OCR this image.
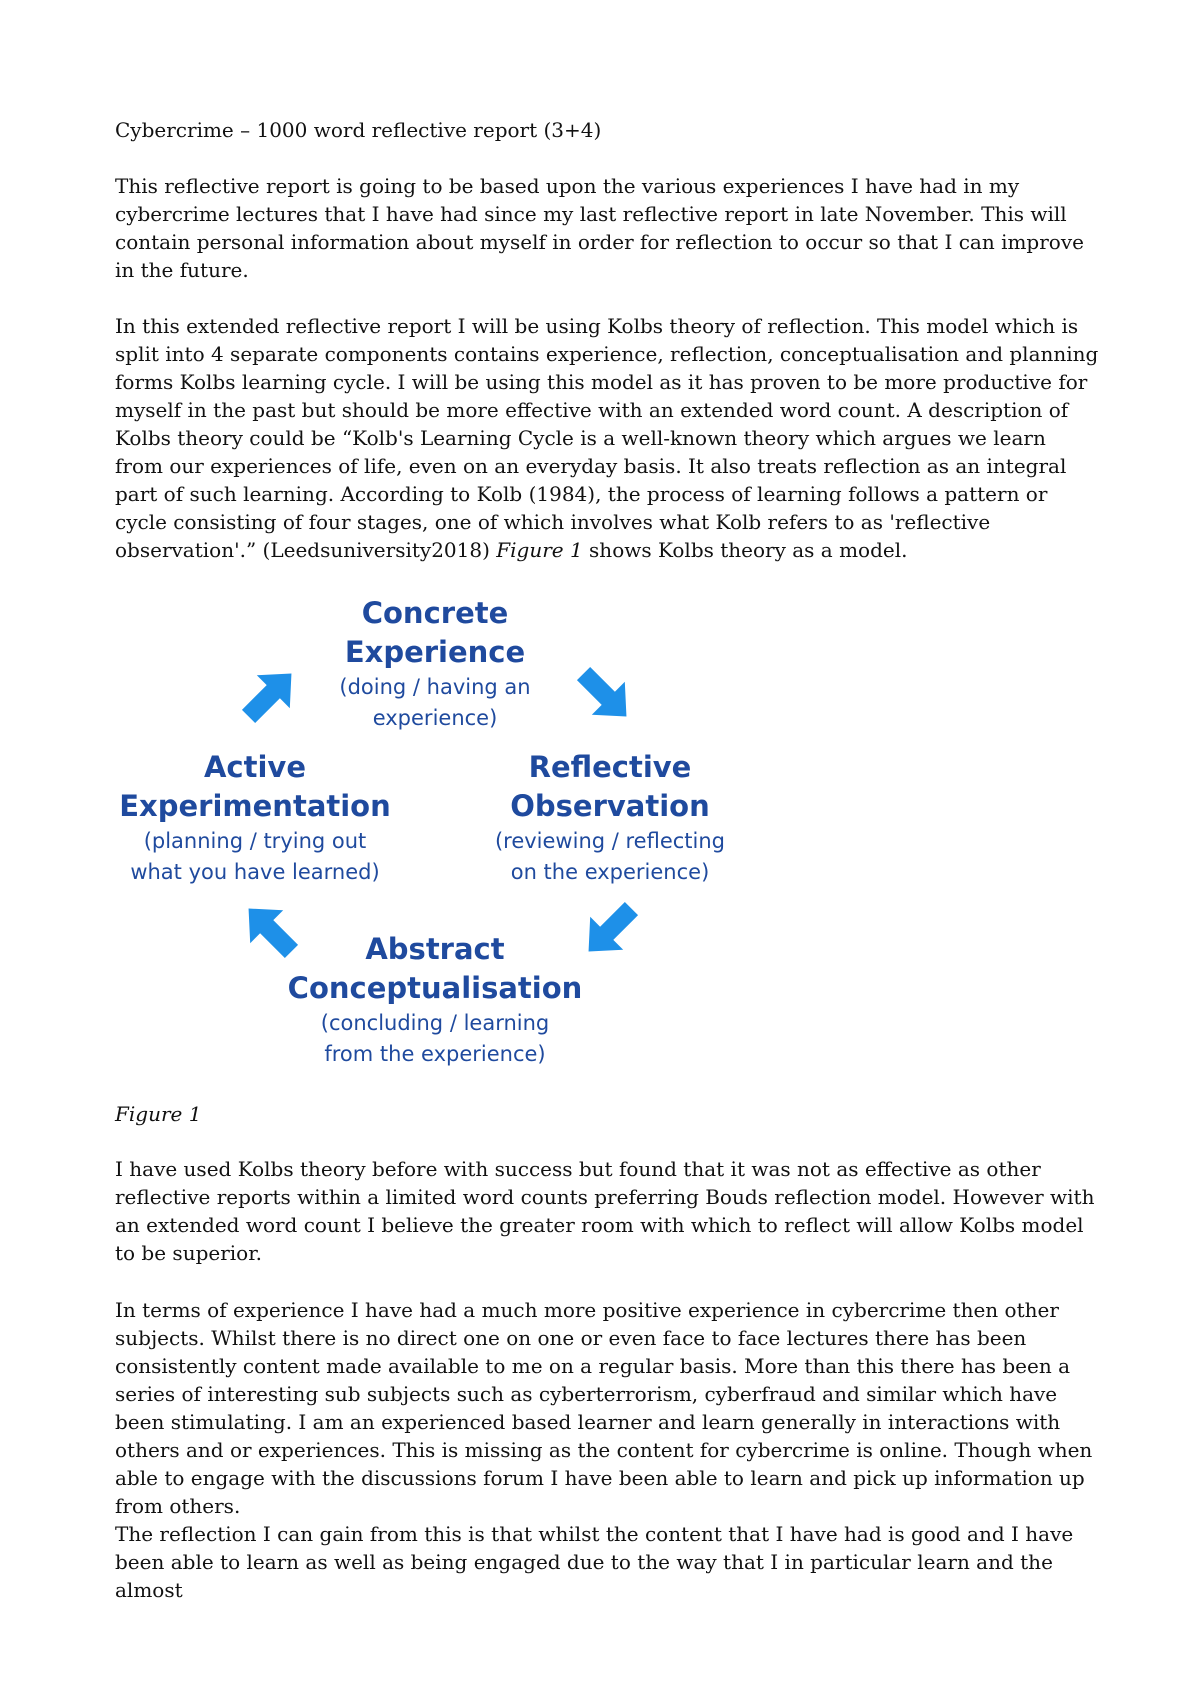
Cybercrime – 1000 word reflective report (3+4)

This reflective report is going to be based upon the various experiences I have had in my cybercrime lectures that I have had since my last reflective report in late November. This will contain personal information about myself in order for reflection to occur so that I can improve in the future.

In this extended reflective report I will be using Kolbs theory of reflection. This model which is split into 4 separate components contains experience, reflection, conceptualisation and planning forms Kolbs learning cycle. I will be using this model as it has proven to be more productive for myself in the past but should be more effective with an extended word count. A description of Kolbs theory could be “Kolb's Learning Cycle is a well-known theory which argues we learn from our experiences of life, even on an everyday basis. It also treats reflection as an integral part of such learning. According to Kolb (1984), the process of learning follows a pattern or cycle consisting of four stages, one of which involves what Kolb refers to as 'reflective observation'.” (Leedsuniversity2018) Figure 1 shows Kolbs theory as a model.

Concrete
Experience
(doing / having an
experience)
Reflective
Observation
(reviewing / reflecting
on the experience)
Abstract
Conceptualisation
(concluding / learning
from the experience)
Active
Experimentation
(planning / trying out
what you have learned)

Figure 1

I have used Kolbs theory before with success but found that it was not as effective as other reflective reports within a limited word counts preferring Bouds reflection model. However with an extended word count I believe the greater room with which to reflect will allow Kolbs model to be superior.

In terms of experience I have had a much more positive experience in cybercrime then other subjects. Whilst there is no direct one on one or even face to face lectures there has been consistently content made available to me on a regular basis. More than this there has been a series of interesting sub subjects such as cyberterrorism, cyberfraud and similar which have been stimulating. I am an experienced based learner and learn generally in interactions with others and or experiences. This is missing as the content for cybercrime is online. Though when able to engage with the discussions forum I have been able to learn and pick up information up from others.

The reflection I can gain from this is that whilst the content that I have had is good and I have been able to learn as well as being engaged due to the way that I in particular learn and the almost
